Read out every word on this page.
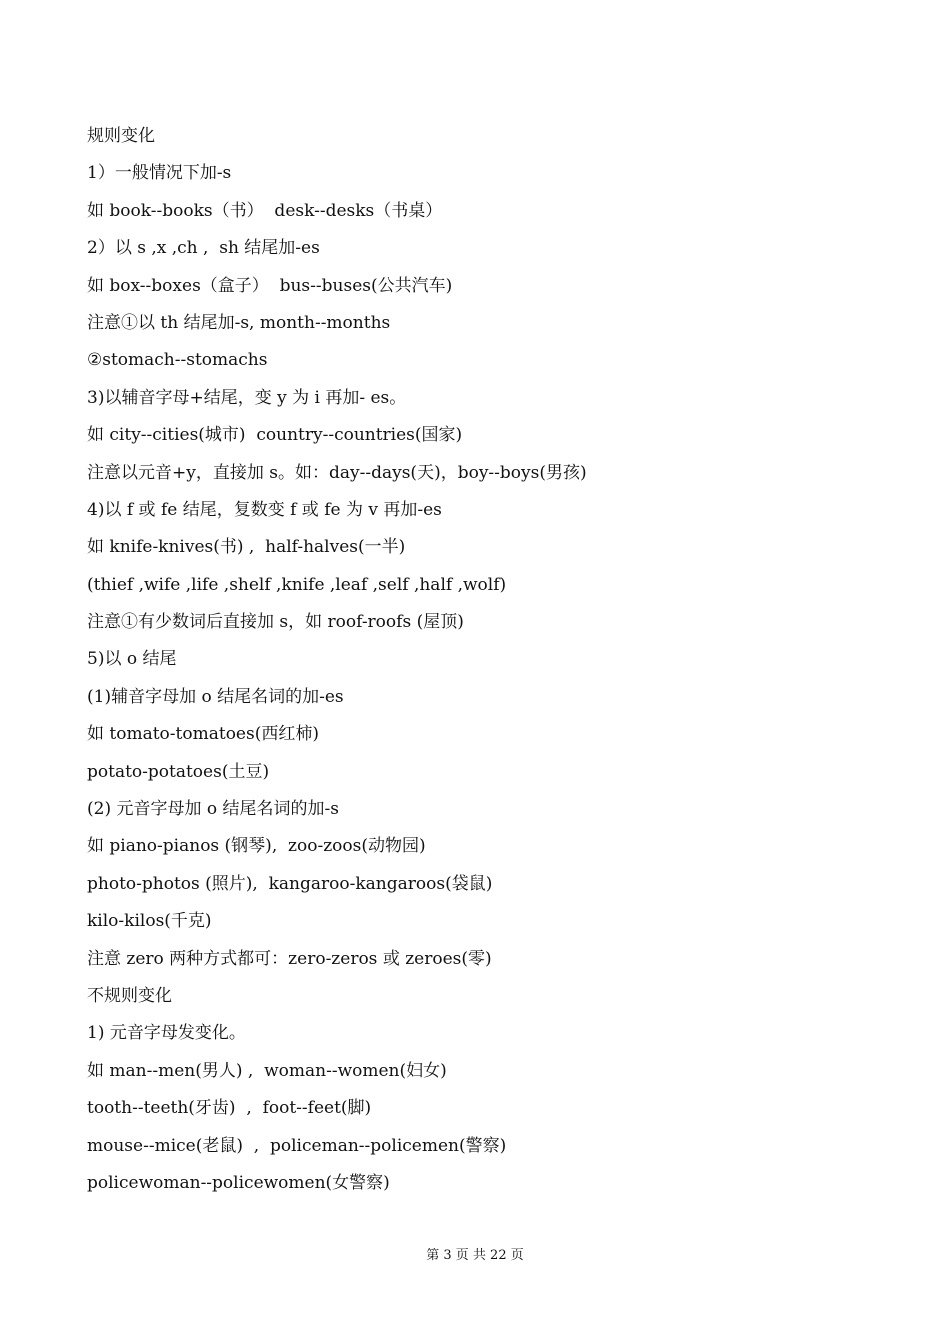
规则变化
1）一般情况下加-s
如 book--books（书）  desk--desks（书桌）
2）以 s ,x ,ch ,  sh 结尾加-es
如 box--boxes（盒子）  bus--buses(公共汽车)
注意①以 th 结尾加-s, month--months
②stomach--stomachs
3)以辅音字母+结尾，变 y 为 i 再加- es。
如 city--cities(城市)  country--countries(国家)
注意以元音+y，直接加 s。如：day--days(天)，boy--boys(男孩)
4)以 f 或 fe 结尾，复数变 f 或 fe 为 v 再加-es
如 knife-knives(书) ,  half-halves(一半)
(thief ,wife ,life ,shelf ,knife ,leaf ,self ,half ,wolf)
注意①有少数词后直接加 s，如 roof-roofs (屋顶)
5)以 o 结尾
(1)辅音字母加 o 结尾名词的加-es
如 tomato-tomatoes(西红柿)
potato-potatoes(土豆)
(2) 元音字母加 o 结尾名词的加-s
如 piano-pianos (钢琴),  zoo-zoos(动物园)
photo-photos (照片),  kangaroo-kangaroos(袋鼠)
kilo-kilos(千克)
注意 zero 两种方式都可：zero-zeros 或 zeroes(零)
不规则变化
1) 元音字母发变化。
如 man--men(男人) ,  woman--women(妇女)
tooth--teeth(牙齿)  ,  foot--feet(脚)
mouse--mice(老鼠)  ,  policeman--policemen(警察)
policewoman--policewomen(女警察)
第 3 页 共 22 页
